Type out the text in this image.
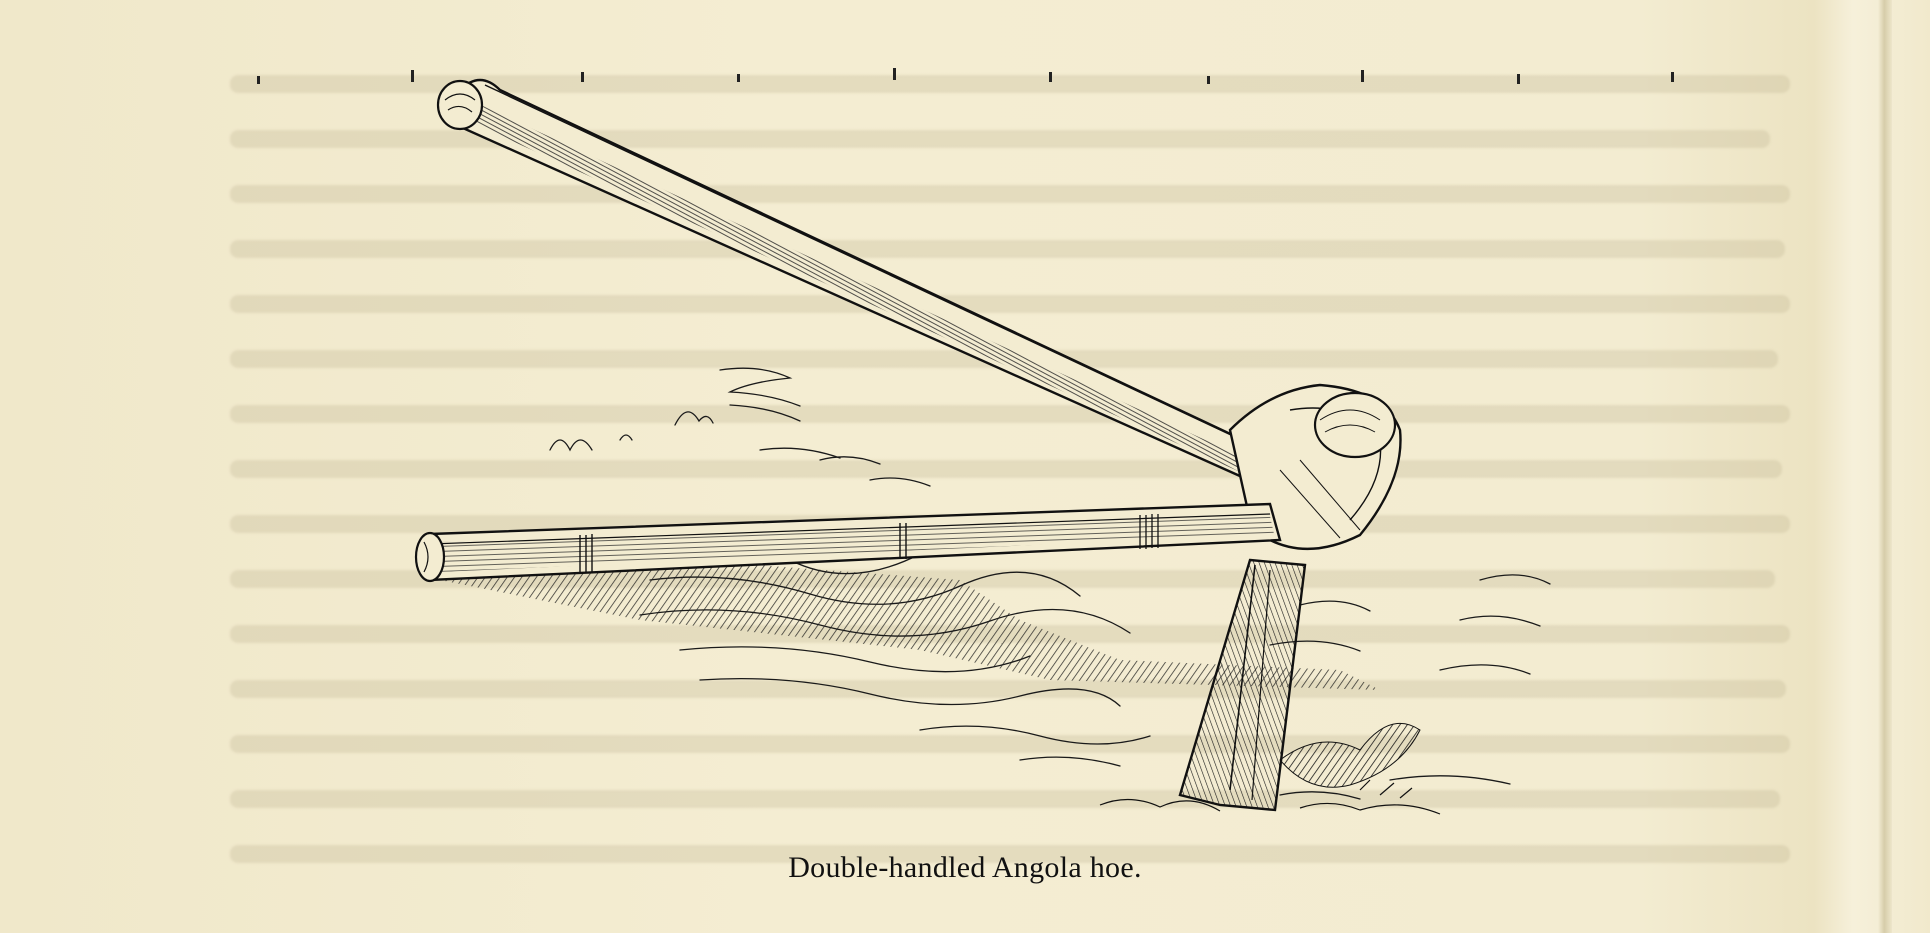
Double-handled Angola hoe.
